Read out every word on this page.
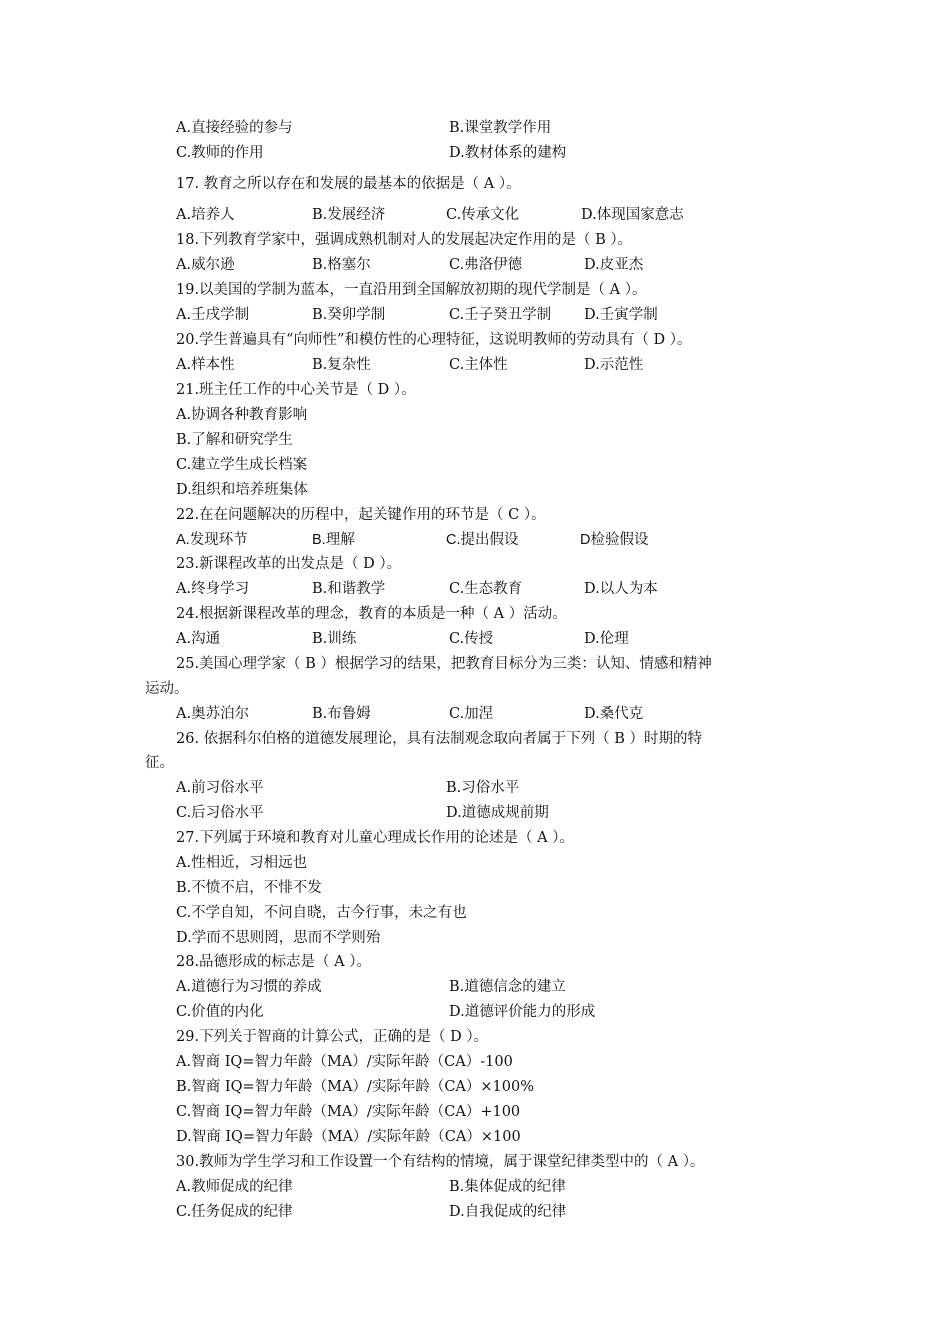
A.直接经验的参与	B.课堂教学作用
C.教师的作用	D.教材体系的建构
17. 教育之所以存在和发展的最基本的依据是（ A ）。
A.培养人	B.发展经济	C.传承文化	D.体现国家意志
18.下列教育学家中，强调成熟机制对人的发展起决定作用的是（ B ）。
A.威尔逊	B.格塞尔	C.弗洛伊德	D.皮亚杰
19.以美国的学制为蓝本，一直沿用到全国解放初期的现代学制是（ A ）。
A.壬戌学制	B.癸卯学制	C.壬子癸丑学制 D.壬寅学制
20.学生普遍具有“向师性”和模仿性的心理特征，这说明教师的劳动具有（ D ）。
A.样本性	B.复杂性	C.主体性	D.示范性
21.班主任工作的中心关节是（ D ）。
A.协调各种教育影响
B.了解和研究学生
C.建立学生成长档案
D.组织和培养班集体
22.在在问题解决的历程中，起关键作用的环节是（ C ）。
A.发现环节	B.理解	C.提出假设	D检验假设
23.新课程改革的出发点是（ D ）。
A.终身学习	B.和谐教学	C.生态教育	D.以人为本
24.根据新课程改革的理念，教育的本质是一种（ A ）活动。
A.沟通	B.训练	C.传授	D.伦理
25.美国心理学家（ B ）根据学习的结果，把教育目标分为三类：认知、情感和精神
运动。
A.奥苏泊尔	B.布鲁姆	C.加涅	D.桑代克
26. 依据科尔伯格的道德发展理论，具有法制观念取向者属于下列（ B ）时期的特
征。
A.前习俗水平	B.习俗水平
C.后习俗水平	D.道德成规前期
27.下列属于环境和教育对儿童心理成长作用的论述是（ A ）。
A.性相近，习相远也
B.不愤不启，不悱不发
C.不学自知，不问自晓，古今行事，未之有也
D.学而不思则罔，思而不学则殆
28.品德形成的标志是（ A ）。
A.道德行为习惯的养成	B.道德信念的建立
C.价值的内化	D.道德评价能力的形成
29.下列关于智商的计算公式，正确的是（ D ）。
A.智商 IQ=智力年龄（MA）/实际年龄（CA）-100
B.智商 IQ=智力年龄（MA）/实际年龄（CA）×100%
C.智商 IQ=智力年龄（MA）/实际年龄（CA）+100
D.智商 IQ=智力年龄（MA）/实际年龄（CA）×100
30.教师为学生学习和工作设置一个有结构的情境，属于课堂纪律类型中的（ A ）。
A.教师促成的纪律	B.集体促成的纪律
C.任务促成的纪律	D.自我促成的纪律
